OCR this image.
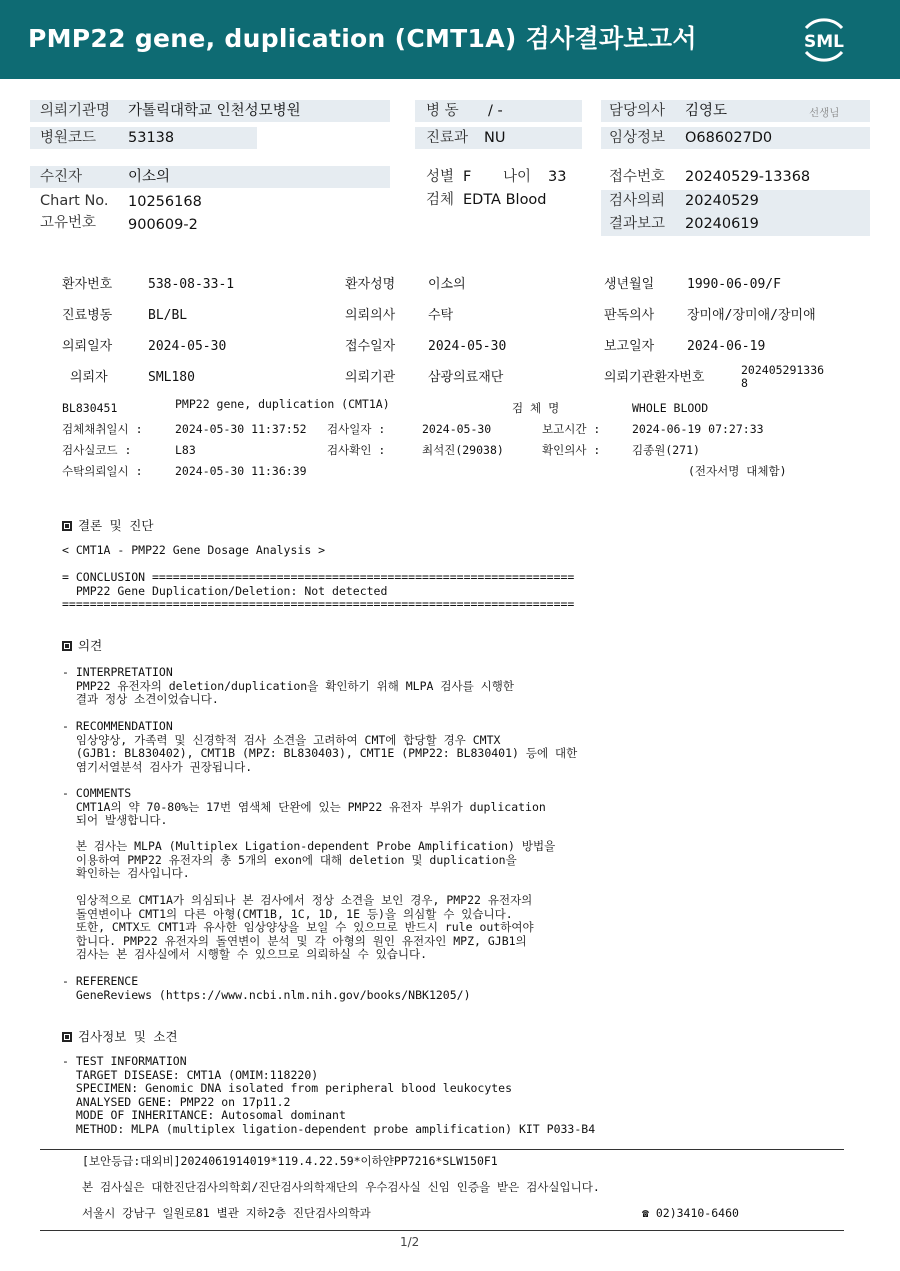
PMP22 gene, duplication (CMT1A) 검사결과보고서	SML
의뢰기관명 가톨릭대학교 인천성모병원
병원코드 53138
병 동 / -
진료과 NU
담당의사 김영도	선생님
임상정보 O686027D0
수진자	이소의
Chart No. 10256168
고유번호 900609-2
성별 F 나이 33
검체 EDTA Blood
접수번호 20240529-13368
검사의뢰 20240529
결과보고 20240619
환자번호	538-08-33-1	환자성명	이소의	생년월일	1990-06-09/F
진료병동	BL/BL	의뢰의사	수탁	판독의사	장미애/장미애/장미애
의뢰일자	2024-05-30	접수일자	2024-05-30	보고일자	2024-06-19
의뢰자	SML180	의뢰기관	삼광의료재단	의뢰기관환자번호	202405291336
8
BL830451	PMP22 gene, duplication (CMT1A)	검 체 명	WHOLE BLOOD
검체채취일시 :	2024-05-30 11:37:52 검사일자 :	2024-05-30	보고시간 :	2024-06-19 07:27:33
검사실코드 :	L83	검사확인 :	최석진(29038)	확인의사 :	김종원(271)
수탁의뢰일시 :	2024-05-30 11:36:39	(전자서명 대체함)
결론 및 진단
< CMT1A - PMP22 Gene Dosage Analysis >
= CONCLUSION =============================================================
PMP22 Gene Duplication/Deletion: Not detected
==========================================================================
의견
- INTERPRETATION
PMP22 유전자의 deletion/duplication을 확인하기 위해 MLPA 검사를 시행한
결과 정상 소견이었습니다.
- RECOMMENDATION
임상양상, 가족력 및 신경학적 검사 소견을 고려하여 CMT에 합당할 경우 CMTX
(GJB1: BL830402), CMT1B (MPZ: BL830403), CMT1E (PMP22: BL830401) 등에 대한
염기서열분석 검사가 권장됩니다.
- COMMENTS
CMT1A의 약 70-80%는 17번 염색체 단완에 있는 PMP22 유전자 부위가 duplication
되어 발생합니다.
본 검사는 MLPA (Multiplex Ligation-dependent Probe Amplification) 방법을
이용하여 PMP22 유전자의 총 5개의 exon에 대해 deletion 및 duplication을
확인하는 검사입니다.
임상적으로 CMT1A가 의심되나 본 검사에서 정상 소견을 보인 경우, PMP22 유전자의
돌연변이나 CMT1의 다른 아형(CMT1B, 1C, 1D, 1E 등)을 의심할 수 있습니다.
또한, CMTX도 CMT1과 유사한 임상양상을 보일 수 있으므로 반드시 rule out하여야
합니다. PMP22 유전자의 돌연변이 분석 및 각 아형의 원인 유전자인 MPZ, GJB1의
검사는 본 검사실에서 시행할 수 있으므로 의뢰하실 수 있습니다.
- REFERENCE
GeneReviews (https://www.ncbi.nlm.nih.gov/books/NBK1205/)
검사정보 및 소견
- TEST INFORMATION
TARGET DISEASE: CMT1A (OMIM:118220)
SPECIMEN: Genomic DNA isolated from peripheral blood leukocytes
ANALYSED GENE: PMP22 on 17p11.2
MODE OF INHERITANCE: Autosomal dominant
METHOD: MLPA (multiplex ligation-dependent probe amplification) KIT P033-B4
[보안등급:대외비]2024061914019*119.4.22.59*이하얀PP7216*SLW150F1
본 검사실은 대한진단검사의학회/진단검사의학재단의 우수검사실 신임 인증을 받은 검사실입니다.
서울시 강남구 일원로81 별관 지하2층 진단검사의학과	☎ 02)3410-6460
1/2
